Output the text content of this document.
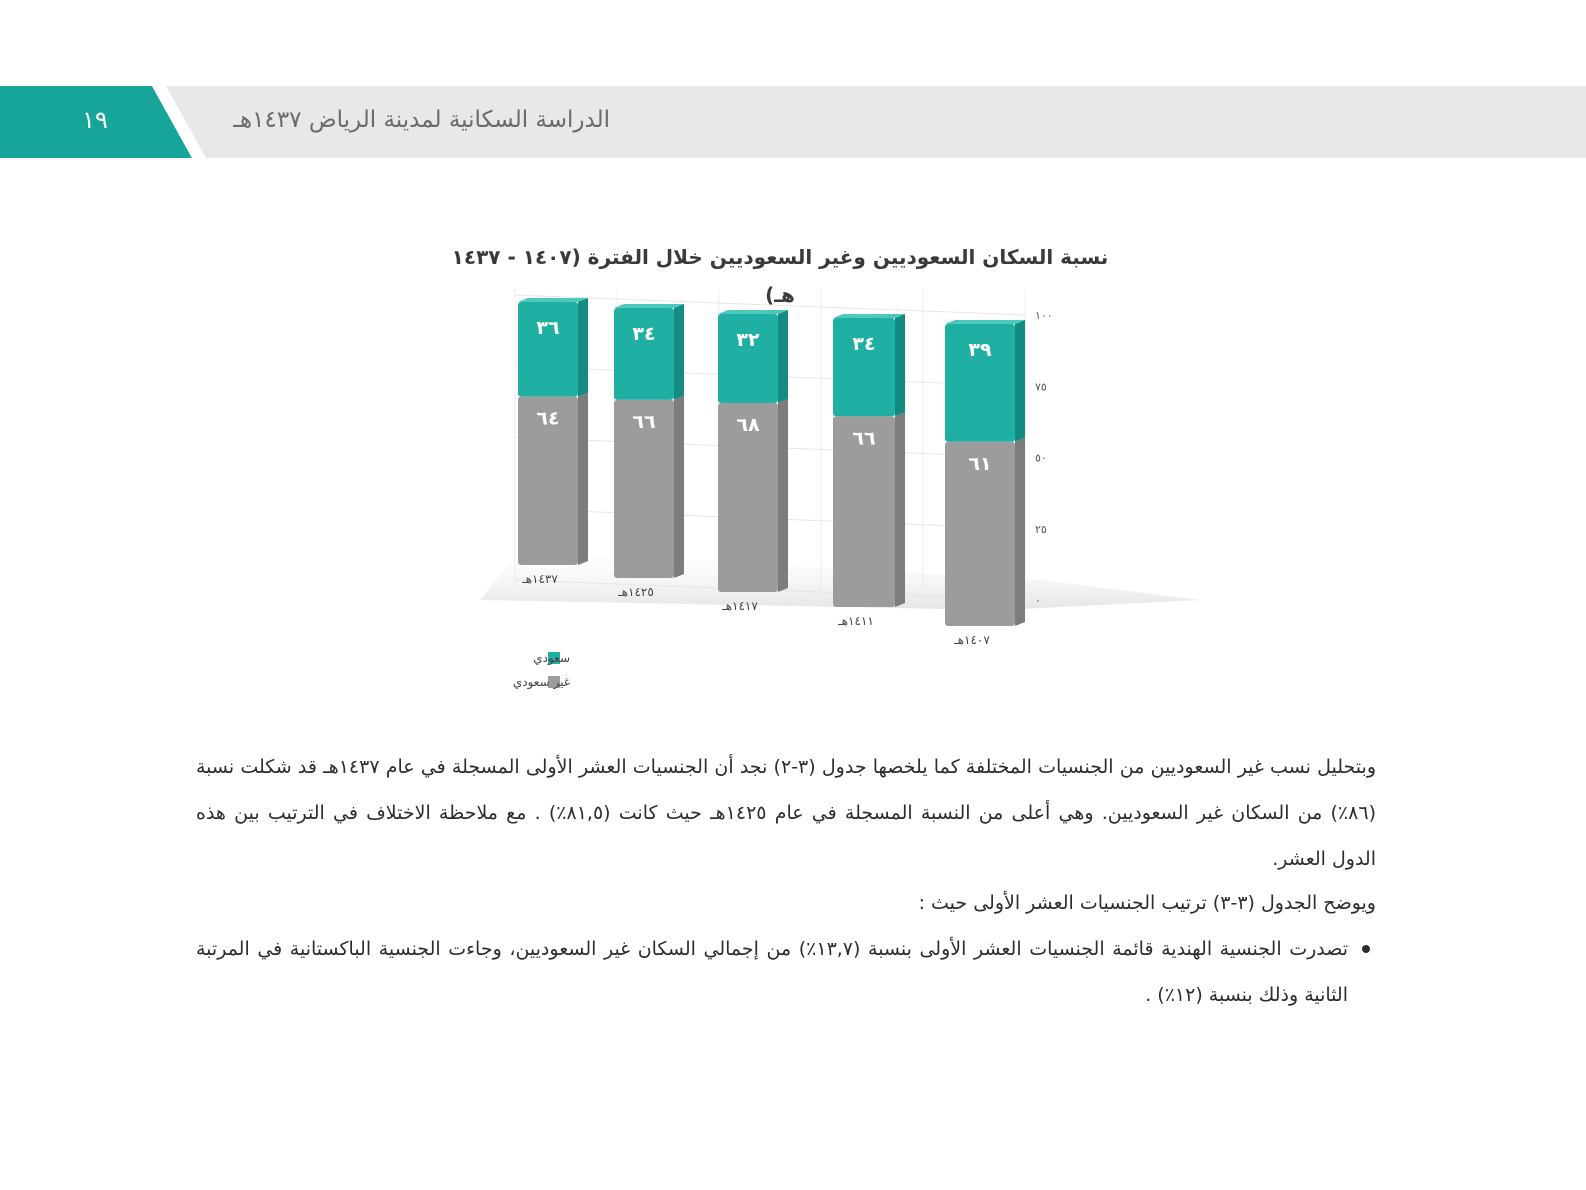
١٩	الدراسة السكانية لمدينة الرياض ١٤٣٧هـ
نسبة السكان السعوديين وغير السعوديين خلال الفترة (١٤٠٧ - ١٤٣٧ هـ)
٠
٢٥
٥٠
٧٥
١٠٠
٣٦
٦٤
١٤٣٧هـ
٣٤
٦٦
١٤٢٥هـ
٣٢
٦٨
١٤١٧هـ
٣٤
٦٦
١٤١١هـ
٣٩
٦١
١٤٠٧هـ
سعودي
غير سعودي
وبتحليل نسب غير السعوديين من الجنسيات المختلفة كما يلخصها جدول (٣-٢) نجد أن الجنسيات العشر الأولى المسجلة في عام ١٤٣٧هـ قد شكلت نسبة (٨٦٪) من السكان غير السعوديين. وهي أعلى من النسبة المسجلة في عام ١٤٢٥هـ حيث كانت (٨١,٥٪) . مع ملاحظة الاختلاف في الترتيب بين هذه الدول العشر.
ويوضح الجدول (٣-٣) ترتيب الجنسيات العشر الأولى حيث :
تصدرت الجنسية الهندية قائمة الجنسيات العشر الأولى بنسبة (١٣,٧٪) من إجمالي السكان غير السعوديين، وجاءت الجنسية الباكستانية في المرتبة الثانية وذلك بنسبة (١٢٪) .
